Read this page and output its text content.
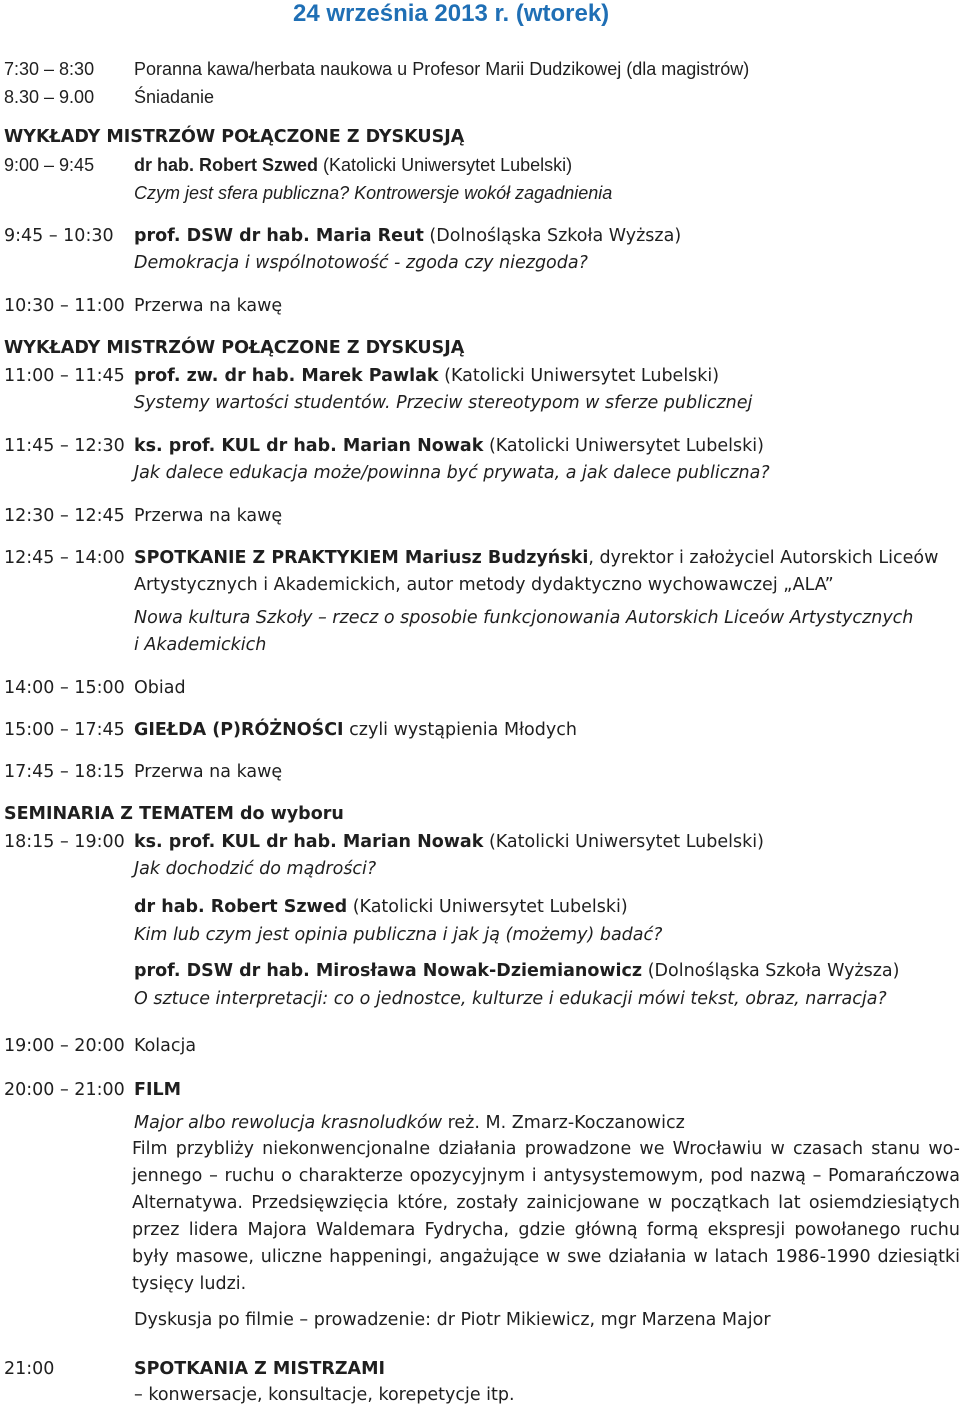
24 września 2013 r. (wtorek)
7:30 – 8:30 Poranna kawa/herbata naukowa u Profesor Marii Dudzikowej (dla magistrów)
8.30 – 9.00 Śniadanie
WYKŁADY MISTRZÓW POŁĄCZONE Z DYSKUSJĄ
9:00 – 9:45 dr hab. Robert Szwed (Katolicki Uniwersytet Lubelski)
Czym jest sfera publiczna? Kontrowersje wokół zagadnienia
9:45 – 10:30 prof. DSW dr hab. Maria Reut (Dolnośląska Szkoła Wyższa)
Demokracja i wspólnotowość - zgoda czy niezgoda?
10:30 – 11:00 Przerwa na kawę
WYKŁADY MISTRZÓW POŁĄCZONE Z DYSKUSJĄ
11:00 – 11:45 prof. zw. dr hab. Marek Pawlak (Katolicki Uniwersytet Lubelski)
Systemy wartości studentów. Przeciw stereotypom w sferze publicznej
11:45 – 12:30 ks. prof. KUL dr hab. Marian Nowak (Katolicki Uniwersytet Lubelski)
Jak dalece edukacja może/powinna być prywata, a jak dalece publiczna?
12:30 – 12:45 Przerwa na kawę
12:45 – 14:00 SPOTKANIE Z PRAKTYKIEM Mariusz Budzyński, dyrektor i założyciel Autorskich Liceów
Artystycznych i Akademickich, autor metody dydaktyczno wychowawczej „ALA”
Nowa kultura Szkoły – rzecz o sposobie funkcjonowania Autorskich Liceów Artystycznych
i Akademickich
14:00 – 15:00 Obiad
15:00 – 17:45 GIEŁDA (P)RÓŻNOŚCI czyli wystąpienia Młodych
17:45 – 18:15 Przerwa na kawę
SEMINARIA Z TEMATEM do wyboru
18:15 – 19:00 ks. prof. KUL dr hab. Marian Nowak (Katolicki Uniwersytet Lubelski)
Jak dochodzić do mądrości?
dr hab. Robert Szwed (Katolicki Uniwersytet Lubelski)
Kim lub czym jest opinia publiczna i jak ją (możemy) badać?
prof. DSW dr hab. Mirosława Nowak-Dziemianowicz (Dolnośląska Szkoła Wyższa)
O sztuce interpretacji: co o jednostce, kulturze i edukacji mówi tekst, obraz, narracja?
19:00 – 20:00 Kolacja
20:00 – 21:00 FILM
Major albo rewolucja krasnoludków reż. M. Zmarz-Koczanowicz
Film przybliży niekonwencjonalne działania prowadzone we Wrocławiu w czasach stanu wo-
jennego – ruchu o charakterze opozycyjnym i antysystemowym, pod nazwą – Pomarańczowa
Alternatywa. Przedsięwzięcia które, zostały zainicjowane w początkach lat osiemdziesiątych
przez lidera Majora Waldemara Fydrycha, gdzie główną formą ekspresji powołanego ruchu
były masowe, uliczne happeningi, angażujące w swe działania w latach 1986-1990 dziesiątki
tysięcy ludzi.
Dyskusja po filmie – prowadzenie: dr Piotr Mikiewicz, mgr Marzena Major
21:00	SPOTKANIA Z MISTRZAMI
– konwersacje, konsultacje, korepetycje itp.
